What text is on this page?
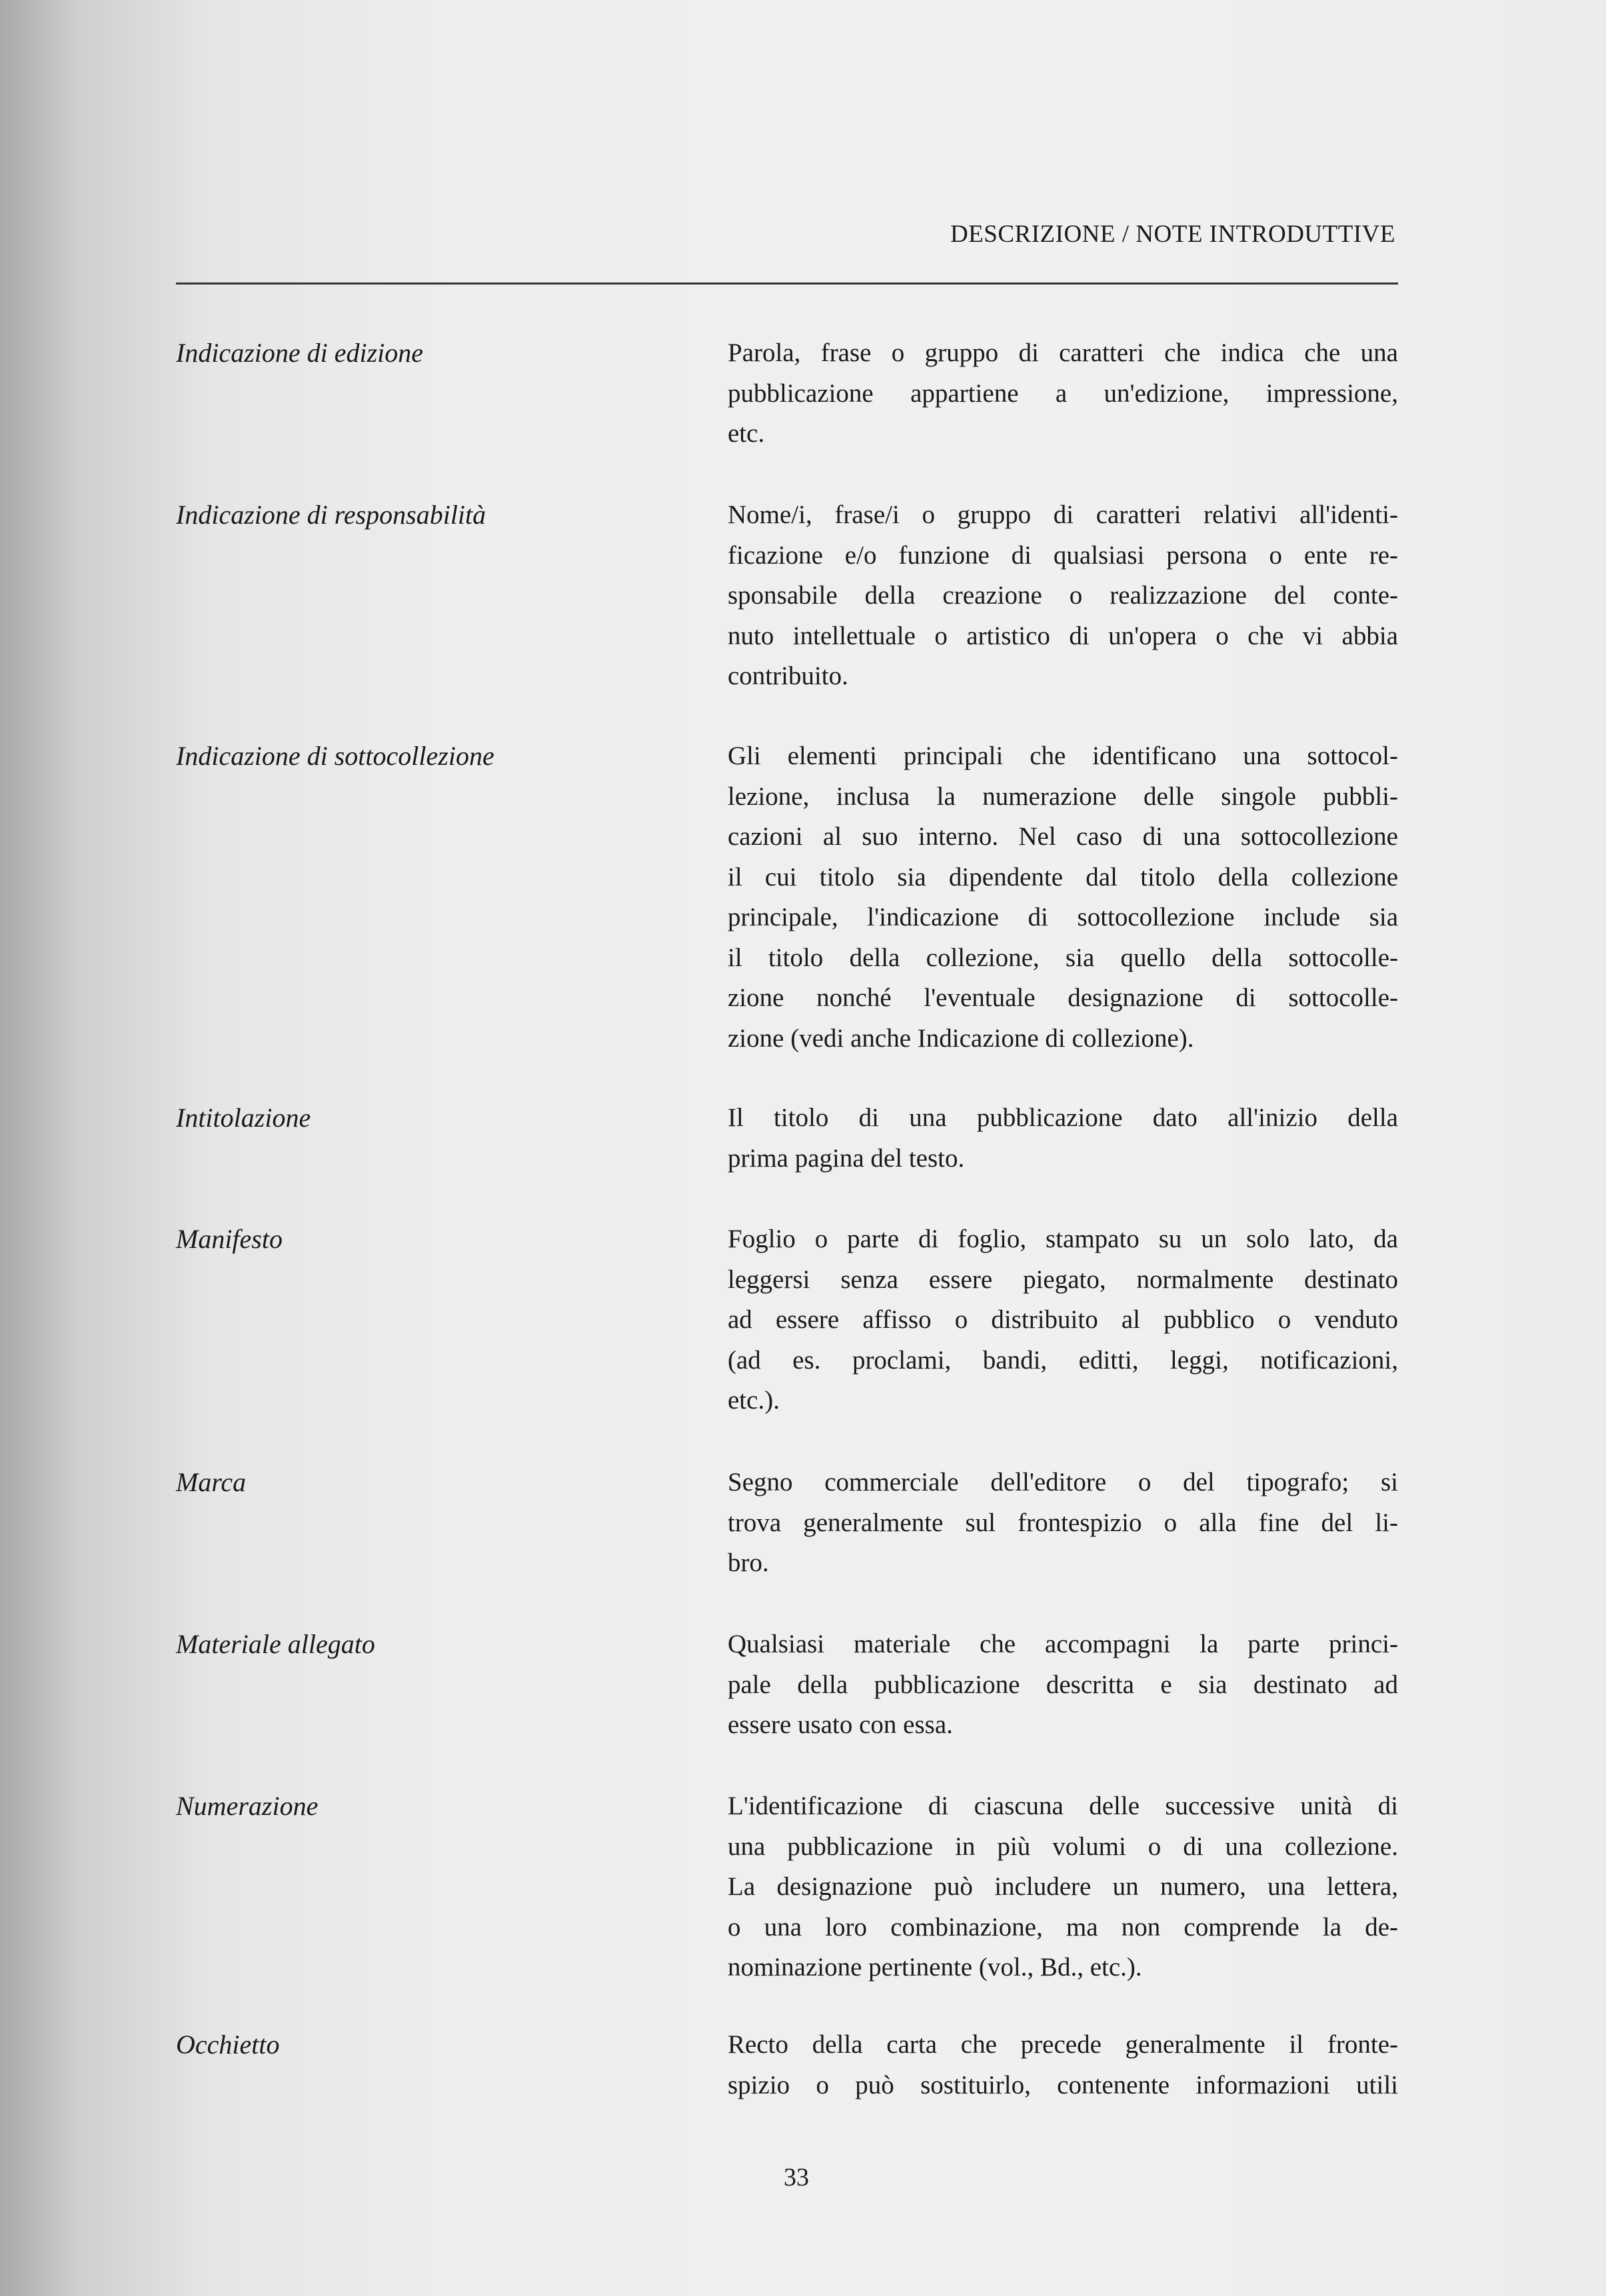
DESCRIZIONE / NOTE INTRODUTTIVE
Indicazione di edizione	Parola, frase o gruppo di caratteri che indica che una
pubblicazione appartiene a un'edizione, impressione,
etc.
Indicazione di responsabilità	Nome/i, frase/i o gruppo di caratteri relativi all'identi-
ficazione e/o funzione di qualsiasi persona o ente re-
sponsabile della creazione o realizzazione del conte-
nuto intellettuale o artistico di un'opera o che vi abbia
contribuito.
Indicazione di sottocollezione	Gli elementi principali che identificano una sottocol-
lezione, inclusa la numerazione delle singole pubbli-
cazioni al suo interno. Nel caso di una sottocollezione
il cui titolo sia dipendente dal titolo della collezione
principale, l'indicazione di sottocollezione include sia
il titolo della collezione, sia quello della sottocolle-
zione nonché l'eventuale designazione di sottocolle-
zione (vedi anche Indicazione di collezione).
Intitolazione	Il titolo di una pubblicazione dato all'inizio della
prima pagina del testo.
Manifesto	Foglio o parte di foglio, stampato su un solo lato, da
leggersi senza essere piegato, normalmente destinato
ad essere affisso o distribuito al pubblico o venduto
(ad es. proclami, bandi, editti, leggi, notificazioni,
etc.).
Marca	Segno commerciale dell'editore o del tipografo; si
trova generalmente sul frontespizio o alla fine del li-
bro.
Materiale allegato	Qualsiasi materiale che accompagni la parte princi-
pale della pubblicazione descritta e sia destinato ad
essere usato con essa.
Numerazione	L'identificazione di ciascuna delle successive unità di
una pubblicazione in più volumi o di una collezione.
La designazione può includere un numero, una lettera,
o una loro combinazione, ma non comprende la de-
nominazione pertinente (vol., Bd., etc.).
Occhietto	Recto della carta che precede generalmente il fronte-
spizio o può sostituirlo, contenente informazioni utili
33
